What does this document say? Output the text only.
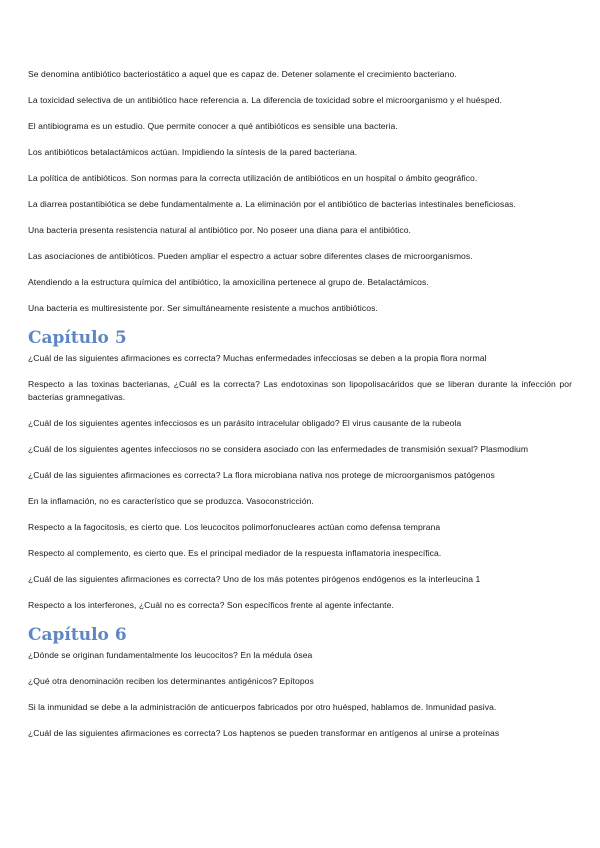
Se denomina antibiótico bacteriostático a aquel que es capaz de. Detener solamente el crecimiento bacteriano.

La toxicidad selectiva de un antibiótico hace referencia a. La diferencia de toxicidad sobre el microorganismo y el huésped.

El antibiograma es un estudio. Que permite conocer a qué antibióticos es sensible una bacteria.

Los antibióticos betalactámicos actúan. Impidiendo la síntesis de la pared bacteriana.

La política de antibióticos. Son normas para la correcta utilización de antibióticos en un hospital o ámbito geográfico.

La diarrea postantibiótica se debe fundamentalmente a. La eliminación por el antibiótico de bacterias intestinales beneficiosas.

Una bacteria presenta resistencia natural al antibiótico por. No poseer una diana para el antibiótico.

Las asociaciones de antibióticos. Pueden ampliar el espectro a actuar sobre diferentes clases de microorganismos.

Atendiendo a la estructura química del antibiótico, la amoxicilina pertenece al grupo de. Betalactámicos.

Una bacteria es multiresistente por. Ser simultáneamente resistente a muchos antibióticos.

Capítulo 5

¿Cuál de las siguientes afirmaciones es correcta? Muchas enfermedades infecciosas se deben a la propia flora normal

Respecto a las toxinas bacterianas, ¿Cuál es la correcta? Las endotoxinas son lipopolisacáridos que se liberan durante la infección por bacterias gramnegativas.

¿Cuál de los siguientes agentes infecciosos es un parásito intracelular obligado? El virus causante de la rubeola

¿Cuál de los siguientes agentes infecciosos no se considera asociado con las enfermedades de transmisión sexual? Plasmodium

¿Cuál de las siguientes afirmaciones es correcta? La flora microbiana nativa nos protege de microorganismos patógenos

En la inflamación, no es característico que se produzca. Vasoconstricción.

Respecto a la fagocitosis, es cierto que. Los leucocitos polimorfonucleares actúan como defensa temprana

Respecto al complemento, es cierto que. Es el principal mediador de la respuesta inflamatoria inespecífica.

¿Cuál de las siguientes afirmaciones es correcta? Uno de los más potentes pirógenos endógenos es la interleucina 1

Respecto a los interferones, ¿Cuál no es correcta? Son específicos frente al agente infectante.

Capítulo 6

¿Dónde se originan fundamentalmente los leucocitos? En la médula ósea

¿Qué otra denominación reciben los determinantes antigénicos? Epítopos

Si la inmunidad se debe a la administración de anticuerpos fabricados por otro huésped, hablamos de. Inmunidad pasiva.

¿Cuál de las siguientes afirmaciones es correcta? Los haptenos se pueden transformar en antígenos al unirse a proteínas
